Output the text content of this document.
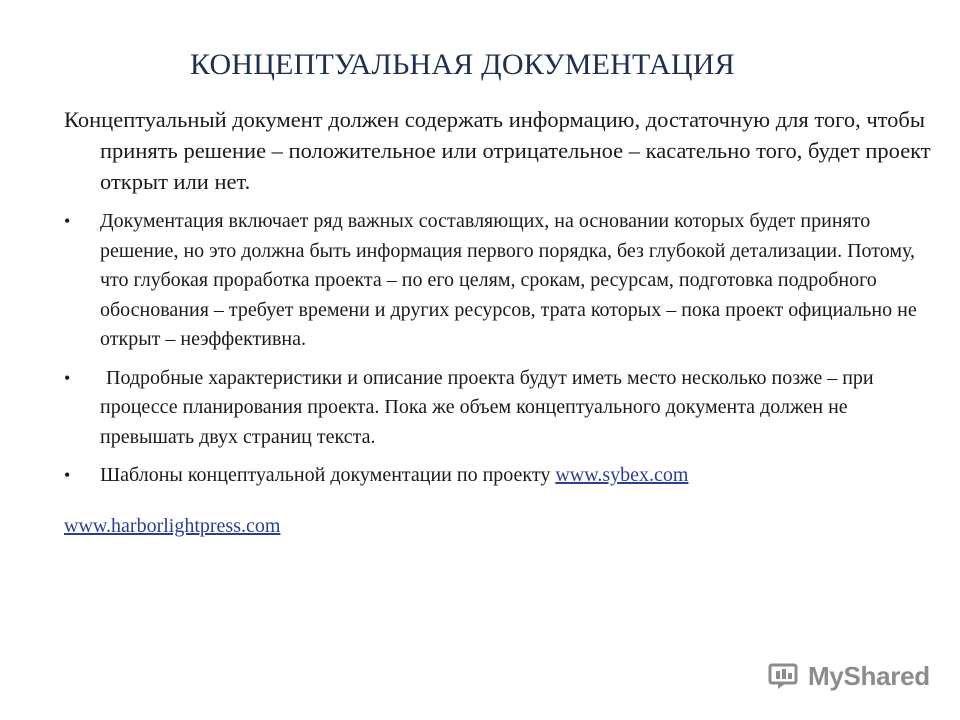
КОНЦЕПТУАЛЬНАЯ ДОКУМЕНТАЦИЯ
Концептуальный документ должен содержать информацию, достаточную для того, чтобы принять решение – положительное или отрицательное – касательно того, будет проект открыт или нет.
•	Документация включает ряд важных составляющих, на основании которых будет принято решение, но это должна быть информация первого порядка, без глубокой детализации. Потому, что глубокая проработка проекта – по его целям, срокам, ресурсам, подготовка подробного обоснования – требует времени и других ресурсов, трата которых – пока проект официально не открыт – неэффективна.
•	Подробные характеристики и описание проекта будут иметь место несколько позже – при процессе планирования проекта. Пока же объем концептуального документа должен не превышать двух страниц текста.
•	Шаблоны концептуальной документации по проекту www.sybex.com
www.harborlightpress.com
MyShared
